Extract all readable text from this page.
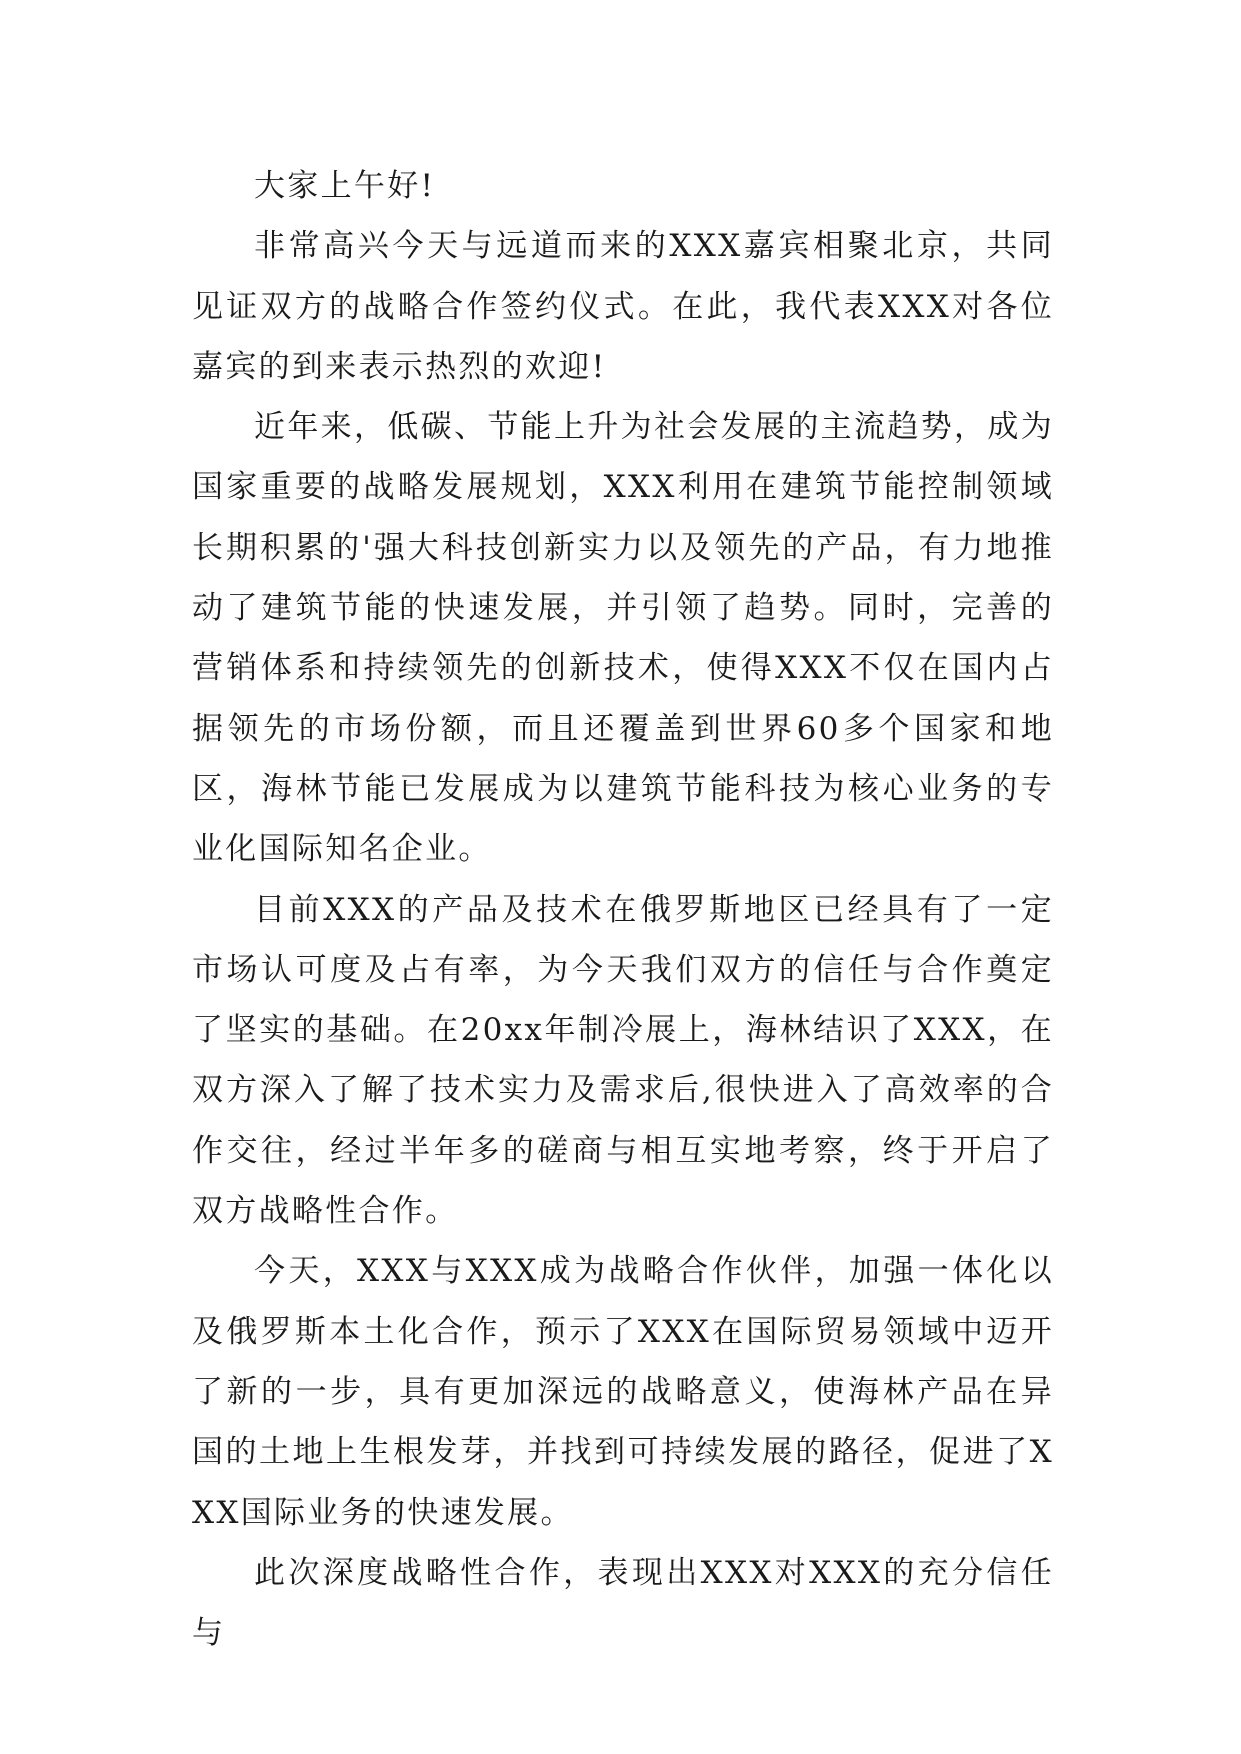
大家上午好!

非常高兴今天与远道而来的XXX嘉宾相聚北京，共同见证双方的战略合作签约仪式。在此，我代表XXX对各位嘉宾的到来表示热烈的欢迎!

近年来，低碳、节能上升为社会发展的主流趋势，成为国家重要的战略发展规划，XXX利用在建筑节能控制领域长期积累的'强大科技创新实力以及领先的产品，有力地推动了建筑节能的快速发展，并引领了趋势。同时，完善的营销体系和持续领先的创新技术，使得XXX不仅在国内占据领先的市场份额，而且还覆盖到世界60多个国家和地区，海林节能已发展成为以建筑节能科技为核心业务的专业化国际知名企业。

目前XXX的产品及技术在俄罗斯地区已经具有了一定市场认可度及占有率，为今天我们双方的信任与合作奠定了坚实的基础。在20xx年制冷展上，海林结识了XXX，在双方深入了解了技术实力及需求后,很快进入了高效率的合作交往，经过半年多的磋商与相互实地考察，终于开启了双方战略性合作。

今天，XXX与XXX成为战略合作伙伴，加强一体化以及俄罗斯本土化合作，预示了XXX在国际贸易领域中迈开了新的一步，具有更加深远的战略意义，使海林产品在异国的土地上生根发芽，并找到可持续发展的路径，促进了XXX国际业务的快速发展。

此次深度战略性合作，表现出XXX对XXX的充分信任与
